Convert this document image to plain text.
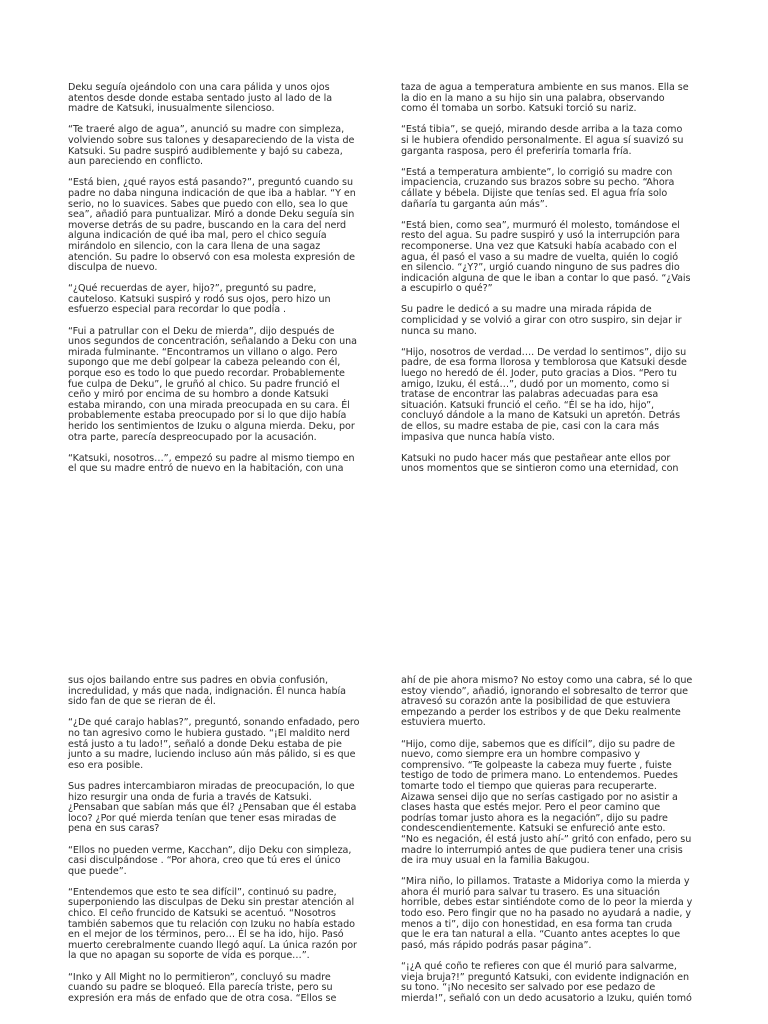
Deku seguía ojeándolo con una cara pálida y unos ojos
atentos desde donde estaba sentado justo al lado de la
madre de Katsuki, inusualmente silencioso.

“Te traeré algo de agua”, anunció su madre con simpleza,
volviendo sobre sus talones y desapareciendo de la vista de
Katsuki. Su padre suspiró audiblemente y bajó su cabeza,
aun pareciendo en conflicto.

“Está bien, ¿qué rayos está pasando?”, preguntó cuando su
padre no daba ninguna indicación de que iba a hablar. “Y en
serio, no lo suavices. Sabes que puedo con ello, sea lo que
sea”, añadió para puntualizar. Miró a donde Deku seguía sin
moverse detrás de su padre, buscando en la cara del nerd
alguna indicación de qué iba mal, pero el chico seguía
mirándolo en silencio, con la cara llena de una sagaz
atención. Su padre lo observó con esa molesta expresión de
disculpa de nuevo.

“¿Qué recuerdas de ayer, hijo?”, preguntó su padre,
cauteloso. Katsuki suspiró y rodó sus ojos, pero hizo un
esfuerzo especial para recordar lo que podía .

“Fui a patrullar con el Deku de mierda”, dijo después de
unos segundos de concentración, señalando a Deku con una
mirada fulminante. “Encontramos un villano o algo. Pero
supongo que me debí golpear la cabeza peleando con él,
porque eso es todo lo que puedo recordar. Probablemente
fue culpa de Deku”, le gruñó al chico. Su padre frunció el
ceño y miró por encima de su hombro a donde Katsuki
estaba mirando, con una mirada preocupada en su cara. Él
probablemente estaba preocupado por si lo que dijo había
herido los sentimientos de Izuku o alguna mierda. Deku, por
otra parte, parecía despreocupado por la acusación.

“Katsuki, nosotros…”, empezó su padre al mismo tiempo en
el que su madre entró de nuevo en la habitación, con una

taza de agua a temperatura ambiente en sus manos. Ella se
la dio en la mano a su hijo sin una palabra, observando
como él tomaba un sorbo. Katsuki torció su nariz.

“Está tibia”, se quejó, mirando desde arriba a la taza como
si le hubiera ofendido personalmente. El agua sí suavizó su
garganta rasposa, pero él preferiría tomarla fría.

“Está a temperatura ambiente”, lo corrigió su madre con
impaciencia, cruzando sus brazos sobre su pecho. “Ahora
cállate y bébela. Dijiste que tenías sed. El agua fría solo
dañaría tu garganta aún más”.

“Está bien, como sea”, murmuró él molesto, tomándose el
resto del agua. Su padre suspiró y usó la interrupción para
recomponerse. Una vez que Katsuki había acabado con el
agua, él pasó el vaso a su madre de vuelta, quién lo cogió
en silencio. “¿Y?”, urgió cuando ninguno de sus padres dio
indicación alguna de que le iban a contar lo que pasó. “¿Vais
a escupirlo o qué?”

Su padre le dedicó a su madre una mirada rápida de
complicidad y se volvió a girar con otro suspiro, sin dejar ir
nunca su mano.

“Hijo, nosotros de verdad…. De verdad lo sentimos”, dijo su
padre, de esa forma llorosa y temblorosa que Katsuki desde
luego no heredó de él. Joder, puto gracias a Dios. “Pero tu
amigo, Izuku, él está…”, dudó por un momento, como si
tratase de encontrar las palabras adecuadas para esa
situación. Katsuki frunció el ceño. “Él se ha ido, hijo”,
concluyó dándole a la mano de Katsuki un apretón. Detrás
de ellos, su madre estaba de pie, casi con la cara más
impasiva que nunca había visto.

Katsuki no pudo hacer más que pestañear ante ellos por
unos momentos que se sintieron como una eternidad, con

sus ojos bailando entre sus padres en obvia confusión,
incredulidad, y más que nada, indignación. Él nunca había
sido fan de que se rieran de él.

“¿De qué carajo hablas?”, preguntó, sonando enfadado, pero
no tan agresivo como le hubiera gustado. “¡El maldito nerd
está justo a tu lado!”, señaló a donde Deku estaba de pie
junto a su madre, luciendo incluso aún más pálido, si es que
eso era posible.

Sus padres intercambiaron miradas de preocupación, lo que
hizo resurgir una onda de furia a través de Katsuki.
¿Pensaban que sabían más que él? ¿Pensaban que él estaba
loco? ¿Por qué mierda tenían que tener esas miradas de
pena en sus caras?

“Ellos no pueden verme, Kacchan”, dijo Deku con simpleza,
casi disculpándose . “Por ahora, creo que tú eres el único
que puede”.

“Entendemos que esto te sea difícil”, continuó su padre,
superponiendo las disculpas de Deku sin prestar atención al
chico. El ceño fruncido de Katsuki se acentuó. “Nosotros
también sabemos que tu relación con Izuku no había estado
en el mejor de los términos, pero… Él se ha ido, hijo. Pasó
muerto cerebralmente cuando llegó aquí. La única razón por
la que no apagan su soporte de vida es porque…”.

“Inko y All Might no lo permitieron”, concluyó su madre
cuando su padre se bloqueó. Ella parecía triste, pero su
expresión era más de enfado que de otra cosa. “Ellos se

ahí de pie ahora mismo? No estoy como una cabra, sé lo que
estoy viendo”, añadió, ignorando el sobresalto de terror que
atravesó su corazón ante la posibilidad de que estuviera
empezando a perder los estribos y de que Deku realmente
estuviera muerto.

“Hijo, como dije, sabemos que es difícil”, dijo su padre de
nuevo, como siempre era un hombre compasivo y
comprensivo. “Te golpeaste la cabeza muy fuerte , fuiste
testigo de todo de primera mano. Lo entendemos. Puedes
tomarte todo el tiempo que quieras para recuperarte.
Aizawa sensei dijo que no serías castigado por no asistir a
clases hasta que estés mejor. Pero el peor camino que
podrías tomar justo ahora es la negación”, dijo su padre
condescendientemente. Katsuki se enfureció ante esto.
“No es negación, él está justo ahí-” gritó con enfado, pero su
madre lo interrumpió antes de que pudiera tener una crisis
de ira muy usual en la familia Bakugou.

“Mira niño, lo pillamos. Trataste a Midoriya como la mierda y
ahora él murió para salvar tu trasero. Es una situación
horrible, debes estar sintiéndote como de lo peor la mierda y
todo eso. Pero fingir que no ha pasado no ayudará a nadie, y
menos a ti”, dijo con honestidad, en esa forma tan cruda
que le era tan natural a ella. “Cuanto antes aceptes lo que
pasó, más rápido podrás pasar página”.

“¡¿A qué coño te refieres con que él murió para salvarme,
vieja bruja?!” preguntó Katsuki, con evidente indignación en
su tono. “¡No necesito ser salvado por ese pedazo de
mierda!”, señaló con un dedo acusatorio a Izuku, quién tomó
